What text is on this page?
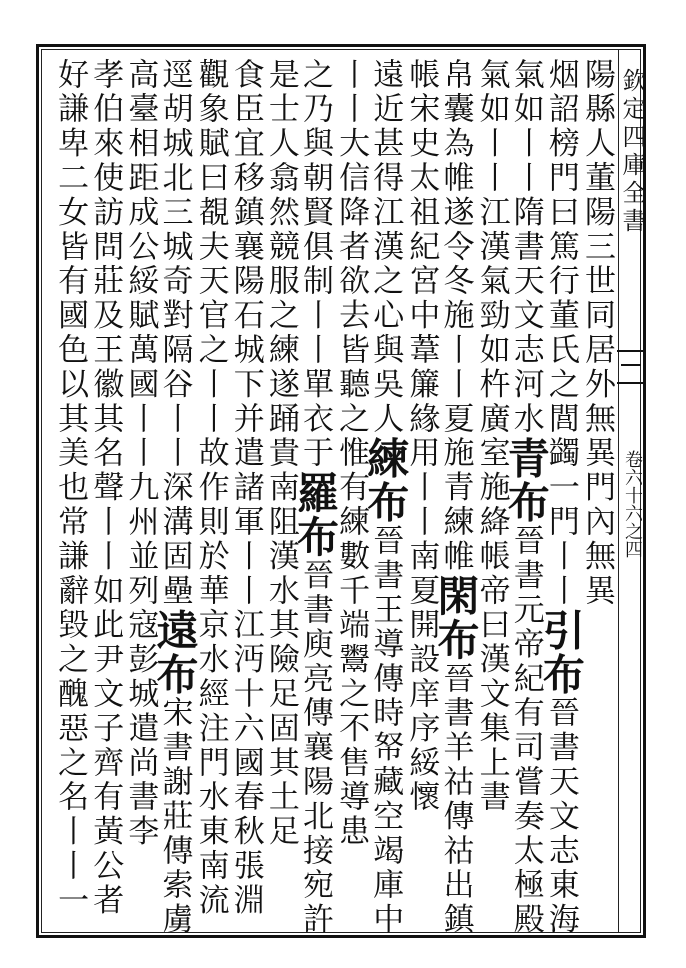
欽定四庫全書
卷六十六之四
陽縣人董陽三世同居外無異門內無異
烟詔榜門曰篤行董氏之閭蠲一門丨丨引布晉書天文志東海
氣如丨丨隋書天文志河水青布晉書元帝紀有司嘗奏太極殿
氣如丨丨江漢氣勁如杵廣室施絳帳帝曰漢文集上書
帛囊為帷遂令冬施丨丨夏施青練帷閑布晉書羊祜傳祜出鎮
帳宋史太祖紀宮中葦簾緣用丨丨南夏開設庠序綏懷
遠近甚得江漢之心與吳人練布晉書王導傳時帑藏空竭庫中
丨丨大信降者欲去皆聽之惟有練數千端鬻之不售導患
之乃與朝賢俱制丨丨單衣于羅布晉書庾亮傳襄陽北接宛許
是士人翕然競服之練遂踊貴南阻漢水其險足固其土足
食臣宜移鎮襄陽石城下并遣諸軍丨丨江沔十六國春秋張淵
觀象賦曰覩夫天官之丨丨故作則於華京水經注門水東南流
逕胡城北三城奇對隔谷丨丨深溝固壘遠布宋書謝莊傳索虜
高臺相距成公綏賦萬國丨丨九州並列寇彭城遣尚書李
孝伯來使訪問莊及王徽其名聲丨丨如此尹文子齊有黃公者
好謙卑二女皆有國色以其美也常謙辭毀之醜惡之名丨丨一
